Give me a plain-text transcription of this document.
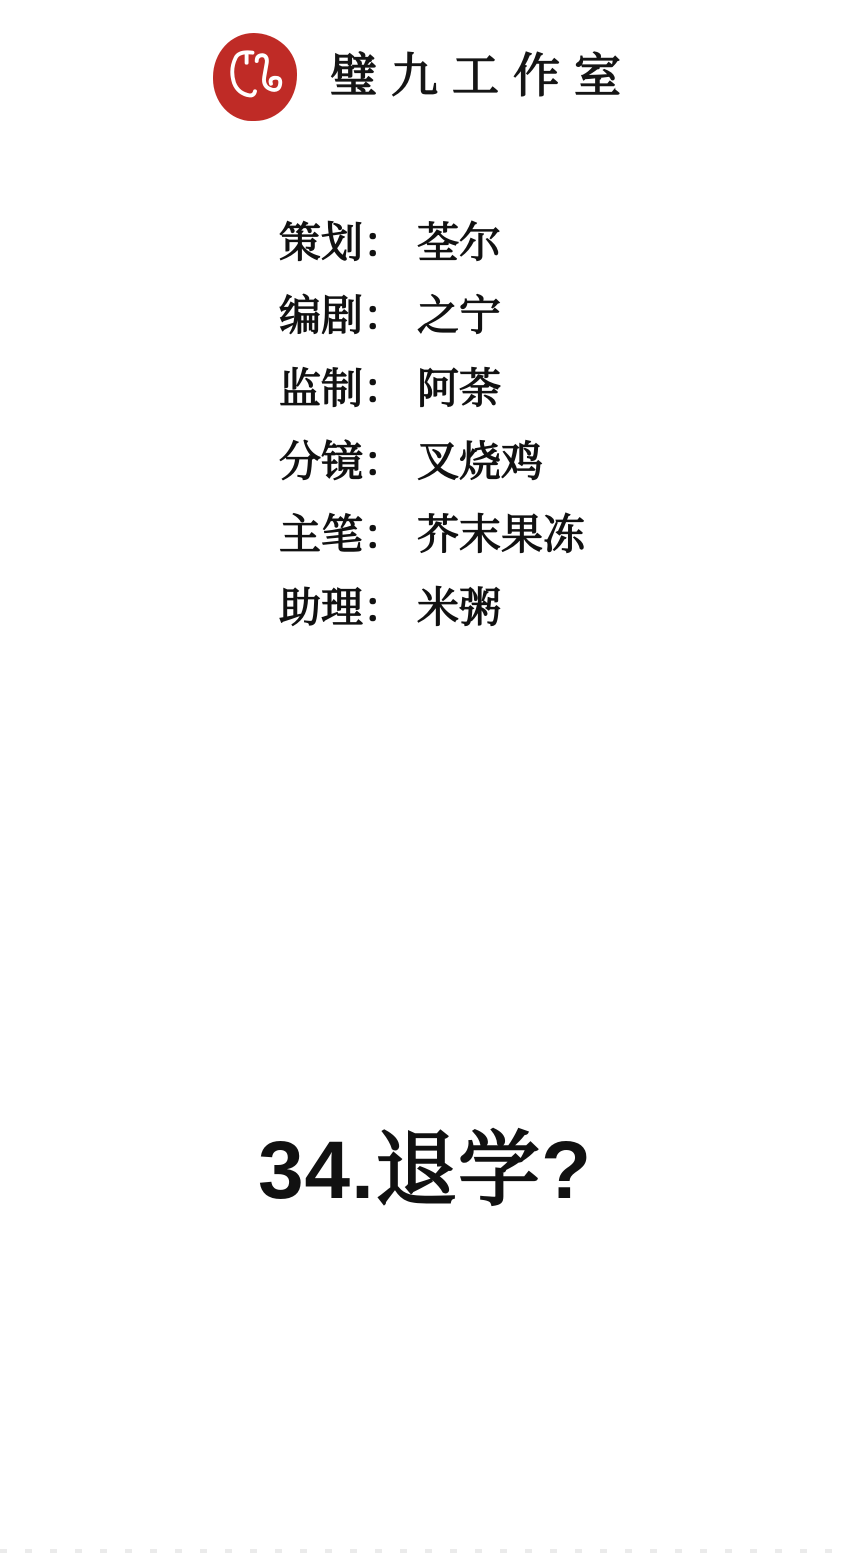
璧九工作室
策划： 荃尔
编剧： 之宁
监制： 阿荼
分镜： 叉烧鸡
主笔： 芥末果冻
助理： 米粥
34.退学?
